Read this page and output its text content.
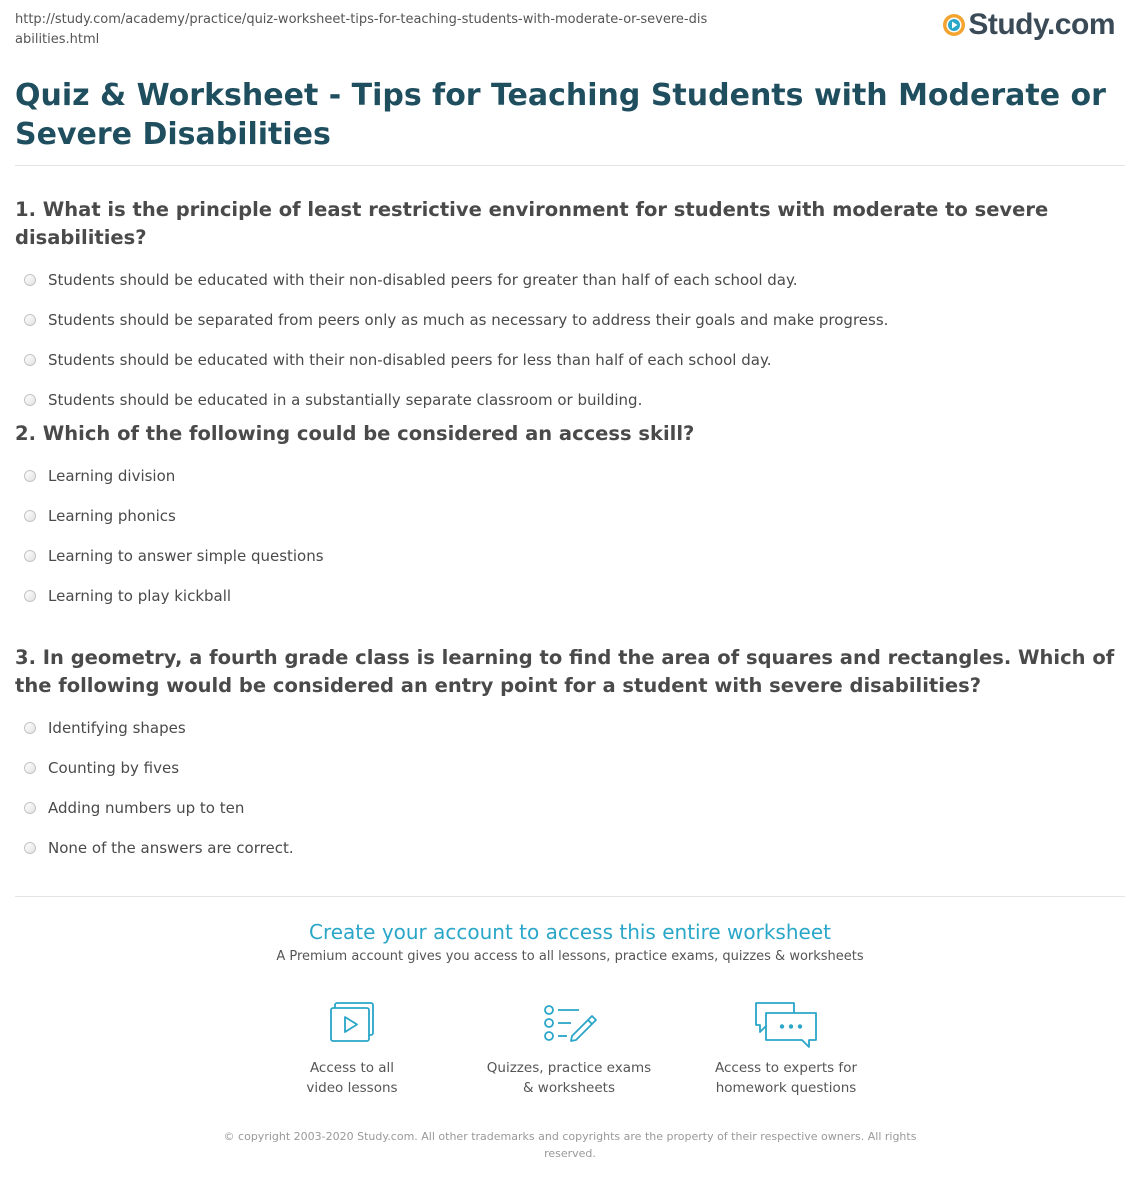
http://study.com/academy/practice/quiz-worksheet-tips-for-teaching-students-with-moderate-or-severe-disabilities.html	Study.com
Quiz & Worksheet - Tips for Teaching Students with Moderate or Severe Disabilities

1. What is the principle of least restrictive environment for students with moderate to severe disabilities?

Students should be educated with their non-disabled peers for greater than half of each school day.
Students should be separated from peers only as much as necessary to address their goals and make progress.
Students should be educated with their non-disabled peers for less than half of each school day.
Students should be educated in a substantially separate classroom or building.

2. Which of the following could be considered an access skill?

Learning division
Learning phonics
Learning to answer simple questions
Learning to play kickball

3. In geometry, a fourth grade class is learning to find the area of squares and rectangles. Which of the following would be considered an entry point for a student with severe disabilities?

Identifying shapes
Counting by fives
Adding numbers up to ten
None of the answers are correct.
Create your account to access this entire worksheet
A Premium account gives you access to all lessons, practice exams, quizzes & worksheets
Access to all
video lessons
Quizzes, practice exams
& worksheets
Access to experts for
homework questions
© copyright 2003-2020 Study.com. All other trademarks and copyrights are the property of their respective owners. All rights reserved.
